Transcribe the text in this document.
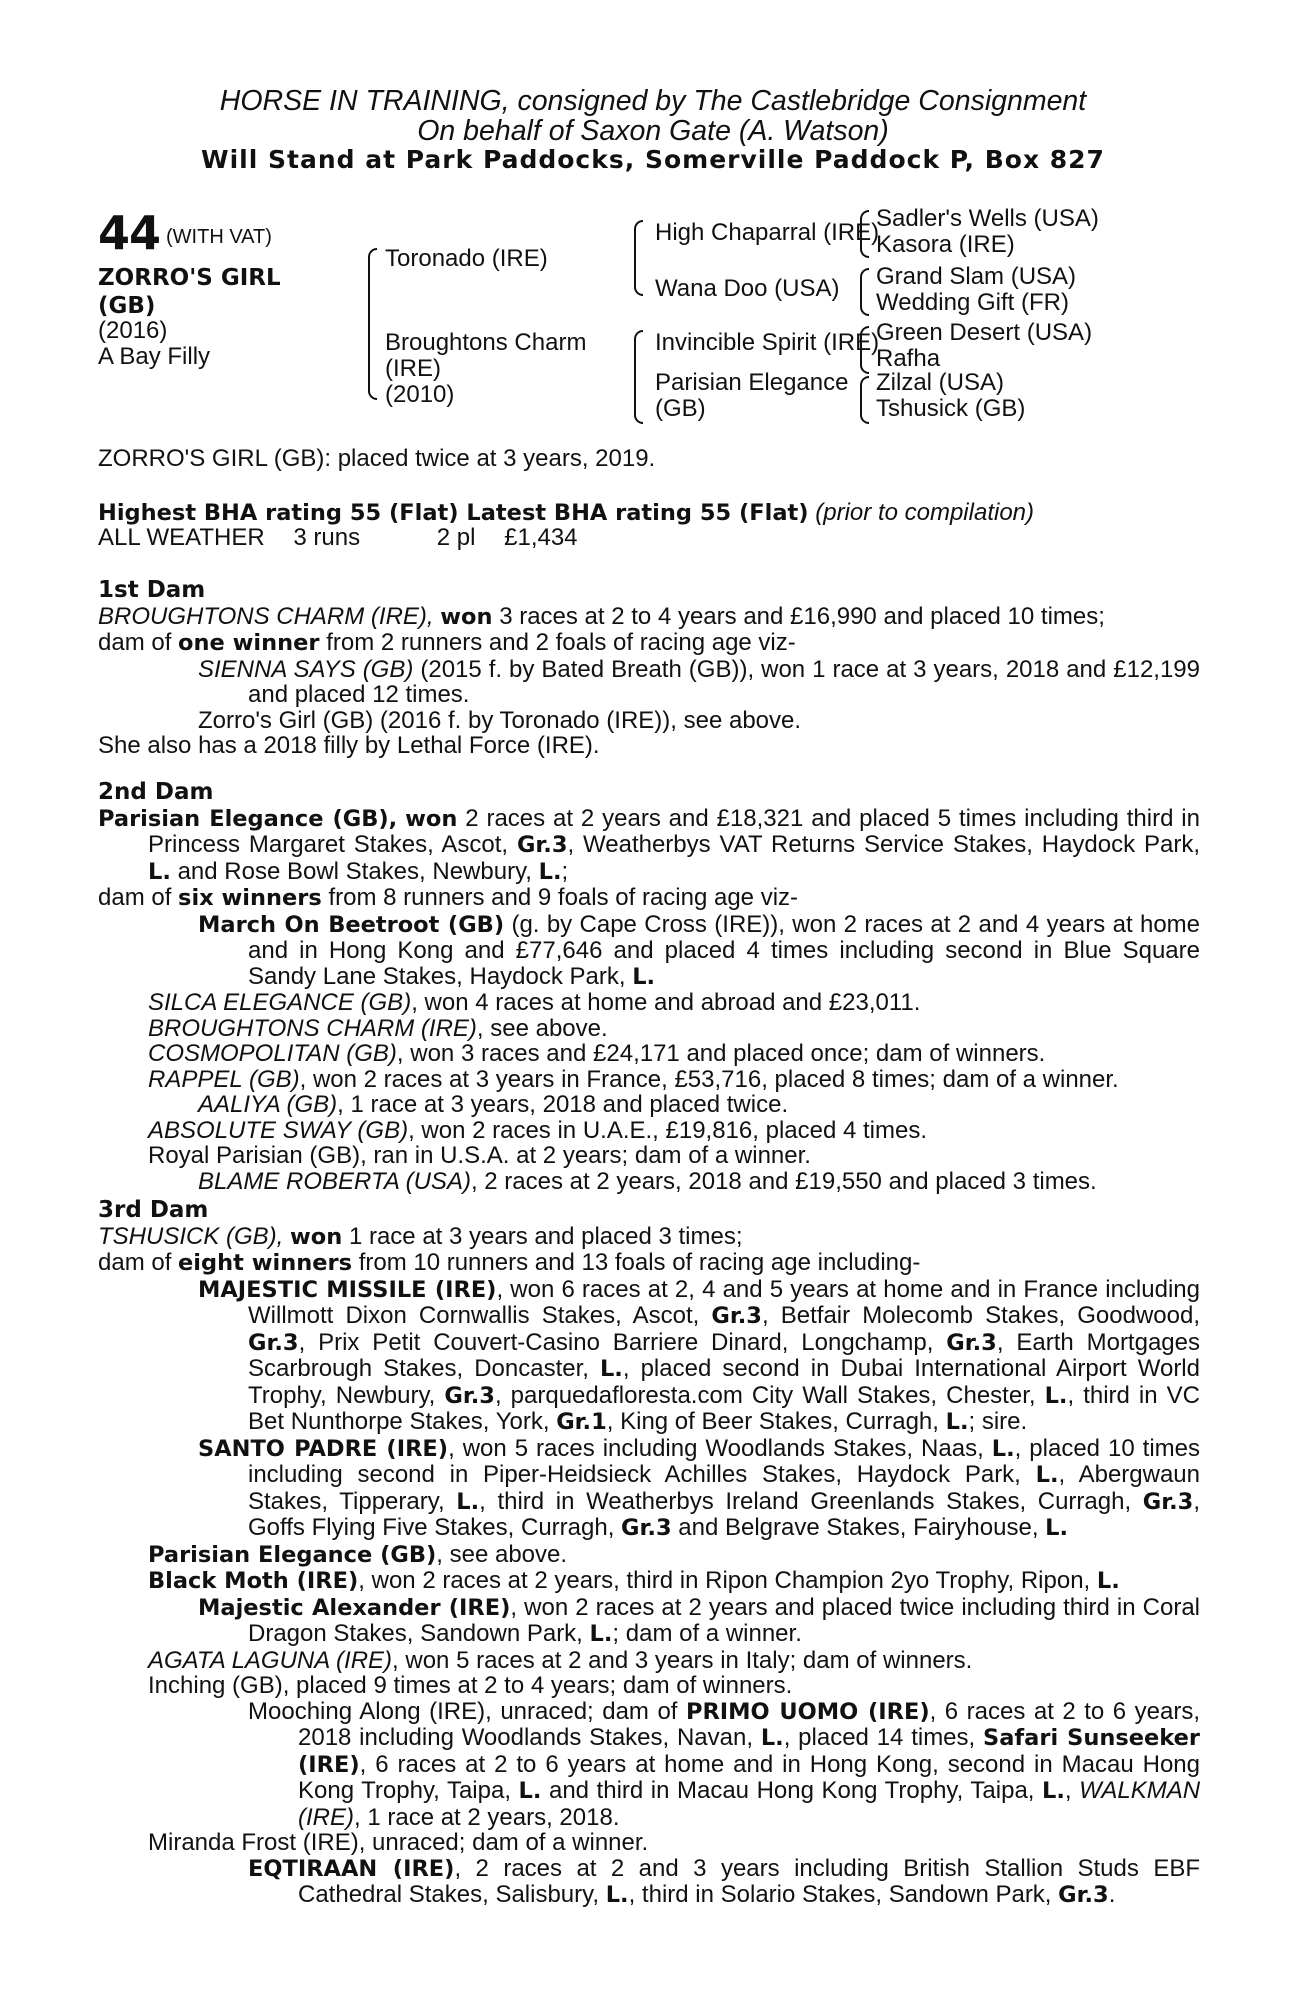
HORSE IN TRAINING, consigned by The Castlebridge Consignment
On behalf of Saxon Gate (A. Watson)
Will Stand at Park Paddocks, Somerville Paddock P, Box 827
44 (WITH VAT)
ZORRO'S GIRL
(GB)
(2016)
A Bay Filly
Toronado (IRE)
Broughtons Charm
(IRE)
(2010)
High Chaparral (IRE)
Wana Doo (USA)
Invincible Spirit (IRE)
Parisian Elegance
(GB)
Sadler's Wells (USA)
Kasora (IRE)
Grand Slam (USA)
Wedding Gift (FR)
Green Desert (USA)
Rafha
Zilzal (USA)
Tshusick (GB)
ZORRO'S GIRL (GB): placed twice at 3 years, 2019.
Highest BHA rating 55 (Flat) Latest BHA rating 55 (Flat) (prior to compilation)
ALL WEATHER 3 runs	2 pl £1,434
1st Dam
BROUGHTONS CHARM (IRE), won 3 races at 2 to 4 years and £16,990 and placed 10 times;
dam of one winner from 2 runners and 2 foals of racing age viz-
SIENNA SAYS (GB) (2015 f. by Bated Breath (GB)), won 1 race at 3 years, 2018 and £12,199 and placed 12 times.
Zorro's Girl (GB) (2016 f. by Toronado (IRE)), see above.
She also has a 2018 filly by Lethal Force (IRE).
2nd Dam
Parisian Elegance (GB), won 2 races at 2 years and £18,321 and placed 5 times including third in Princess Margaret Stakes, Ascot, Gr.3, Weatherbys VAT Returns Service Stakes, Haydock Park, L. and Rose Bowl Stakes, Newbury, L.;
dam of six winners from 8 runners and 9 foals of racing age viz-
March On Beetroot (GB) (g. by Cape Cross (IRE)), won 2 races at 2 and 4 years at home and in Hong Kong and £77,646 and placed 4 times including second in Blue Square Sandy Lane Stakes, Haydock Park, L.
SILCA ELEGANCE (GB), won 4 races at home and abroad and £23,011.
BROUGHTONS CHARM (IRE), see above.
COSMOPOLITAN (GB), won 3 races and £24,171 and placed once; dam of winners.
RAPPEL (GB), won 2 races at 3 years in France, £53,716, placed 8 times; dam of a winner.
AALIYA (GB), 1 race at 3 years, 2018 and placed twice.
ABSOLUTE SWAY (GB), won 2 races in U.A.E., £19,816, placed 4 times.
Royal Parisian (GB), ran in U.S.A. at 2 years; dam of a winner.
BLAME ROBERTA (USA), 2 races at 2 years, 2018 and £19,550 and placed 3 times.
3rd Dam
TSHUSICK (GB), won 1 race at 3 years and placed 3 times;
dam of eight winners from 10 runners and 13 foals of racing age including-
MAJESTIC MISSILE (IRE), won 6 races at 2, 4 and 5 years at home and in France including Willmott Dixon Cornwallis Stakes, Ascot, Gr.3, Betfair Molecomb Stakes, Goodwood, Gr.3, Prix Petit Couvert-Casino Barriere Dinard, Longchamp, Gr.3, Earth Mortgages Scarbrough Stakes, Doncaster, L., placed second in Dubai International Airport World Trophy, Newbury, Gr.3, parquedafloresta.com City Wall Stakes, Chester, L., third in VC Bet Nunthorpe Stakes, York, Gr.1, King of Beer Stakes, Curragh, L.; sire.
SANTO PADRE (IRE), won 5 races including Woodlands Stakes, Naas, L., placed 10 times including second in Piper-Heidsieck Achilles Stakes, Haydock Park, L., Abergwaun Stakes, Tipperary, L., third in Weatherbys Ireland Greenlands Stakes, Curragh, Gr.3, Goffs Flying Five Stakes, Curragh, Gr.3 and Belgrave Stakes, Fairyhouse, L.
Parisian Elegance (GB), see above.
Black Moth (IRE), won 2 races at 2 years, third in Ripon Champion 2yo Trophy, Ripon, L.
Majestic Alexander (IRE), won 2 races at 2 years and placed twice including third in Coral Dragon Stakes, Sandown Park, L.; dam of a winner.
AGATA LAGUNA (IRE), won 5 races at 2 and 3 years in Italy; dam of winners.
Inching (GB), placed 9 times at 2 to 4 years; dam of winners.
Mooching Along (IRE), unraced; dam of PRIMO UOMO (IRE), 6 races at 2 to 6 years, 2018 including Woodlands Stakes, Navan, L., placed 14 times, Safari Sunseeker (IRE), 6 races at 2 to 6 years at home and in Hong Kong, second in Macau Hong Kong Trophy, Taipa, L. and third in Macau Hong Kong Trophy, Taipa, L., WALKMAN (IRE), 1 race at 2 years, 2018.
Miranda Frost (IRE), unraced; dam of a winner.
EQTIRAAN (IRE), 2 races at 2 and 3 years including British Stallion Studs EBF Cathedral Stakes, Salisbury, L., third in Solario Stakes, Sandown Park, Gr.3.
